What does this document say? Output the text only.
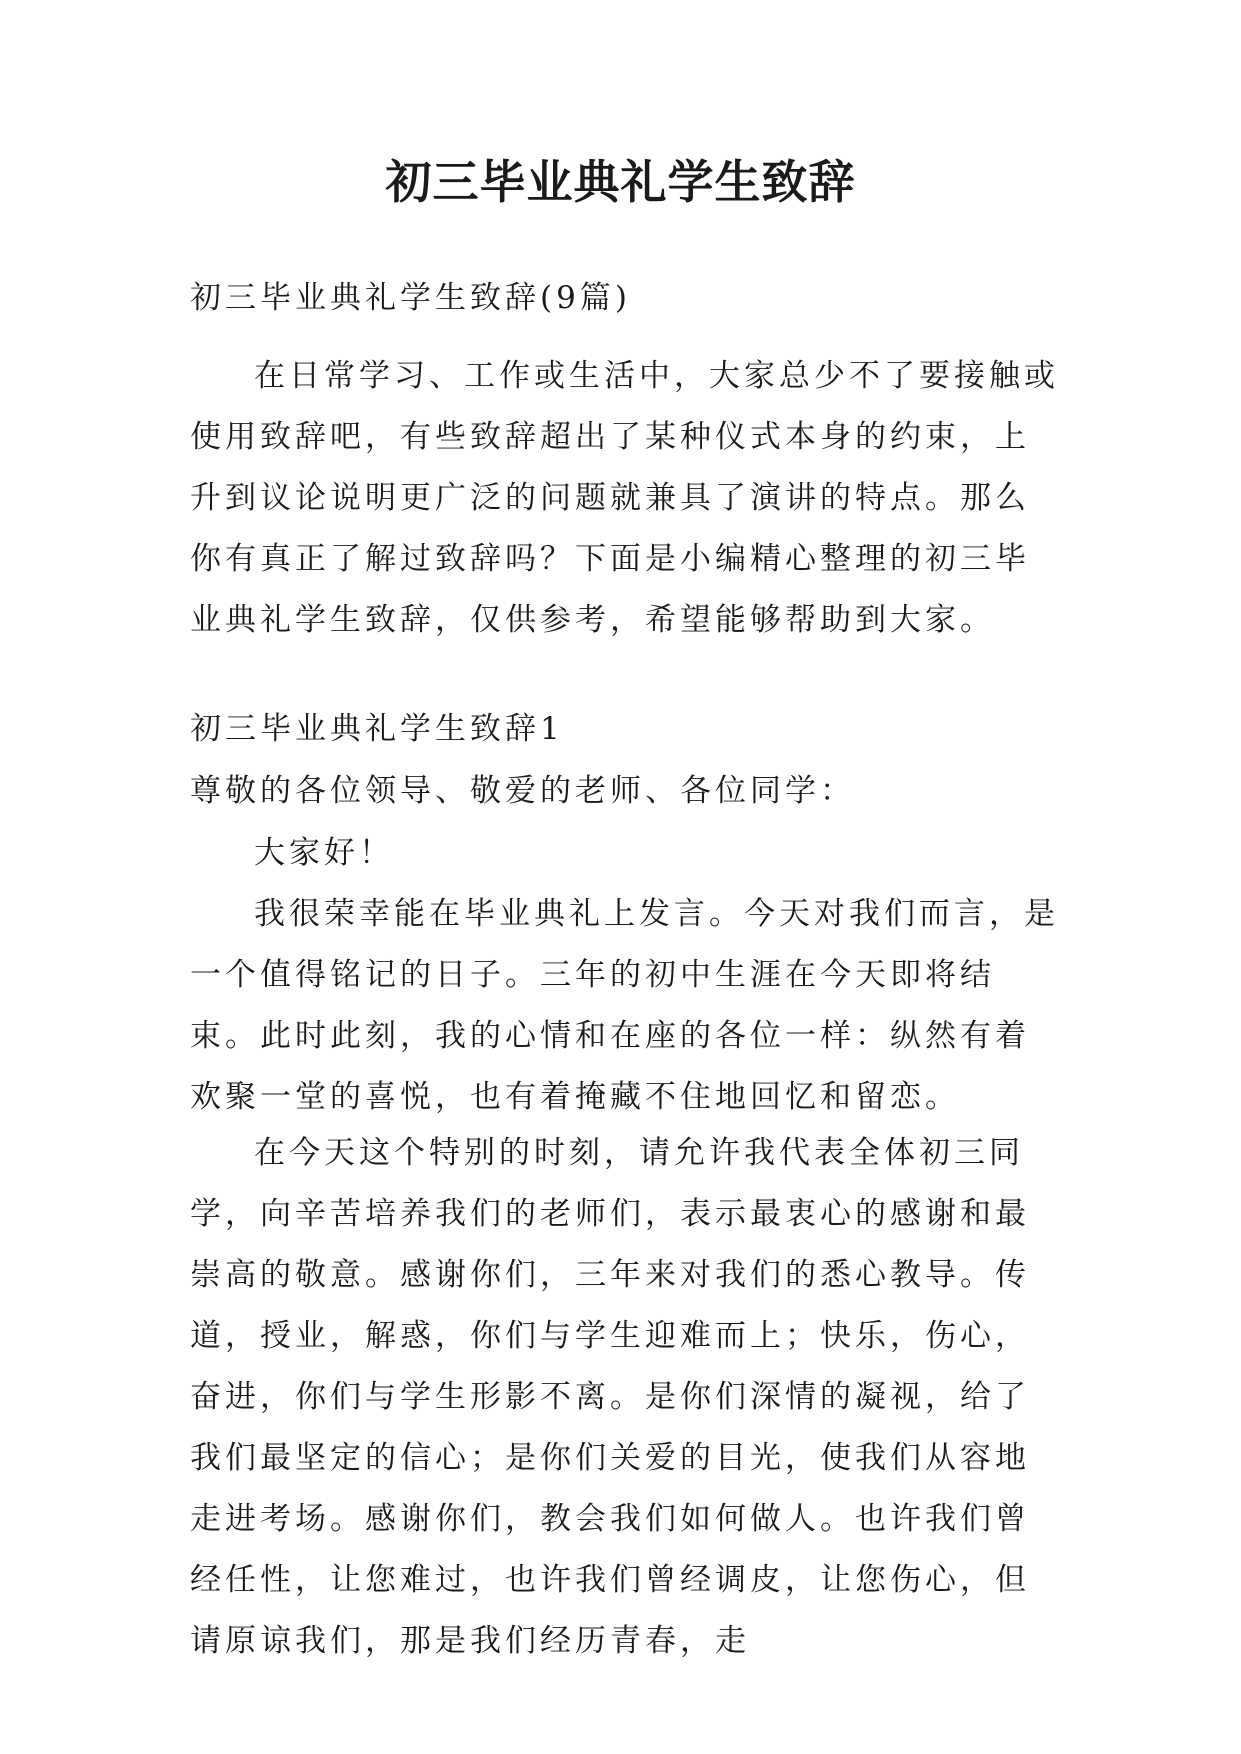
初三毕业典礼学生致辞

初三毕业典礼学生致辞(9篇)

在日常学习、工作或生活中，大家总少不了要接触或使用致辞吧，有些致辞超出了某种仪式本身的约束，上升到议论说明更广泛的问题就兼具了演讲的特点。那么你有真正了解过致辞吗？下面是小编精心整理的初三毕业典礼学生致辞，仅供参考，希望能够帮助到大家。

初三毕业典礼学生致辞1

尊敬的各位领导、敬爱的老师、各位同学：

大家好！

我很荣幸能在毕业典礼上发言。今天对我们而言，是一个值得铭记的日子。三年的初中生涯在今天即将结束。此时此刻，我的心情和在座的各位一样：纵然有着欢聚一堂的喜悦，也有着掩藏不住地回忆和留恋。

在今天这个特别的时刻，请允许我代表全体初三同学，向辛苦培养我们的老师们，表示最衷心的感谢和最崇高的敬意。感谢你们，三年来对我们的悉心教导。传道，授业，解惑，你们与学生迎难而上；快乐，伤心，奋进，你们与学生形影不离。是你们深情的凝视，给了我们最坚定的信心；是你们关爱的目光，使我们从容地走进考场。感谢你们，教会我们如何做人。也许我们曾经任性，让您难过，也许我们曾经调皮，让您伤心，但请原谅我们，那是我们经历青春，走
